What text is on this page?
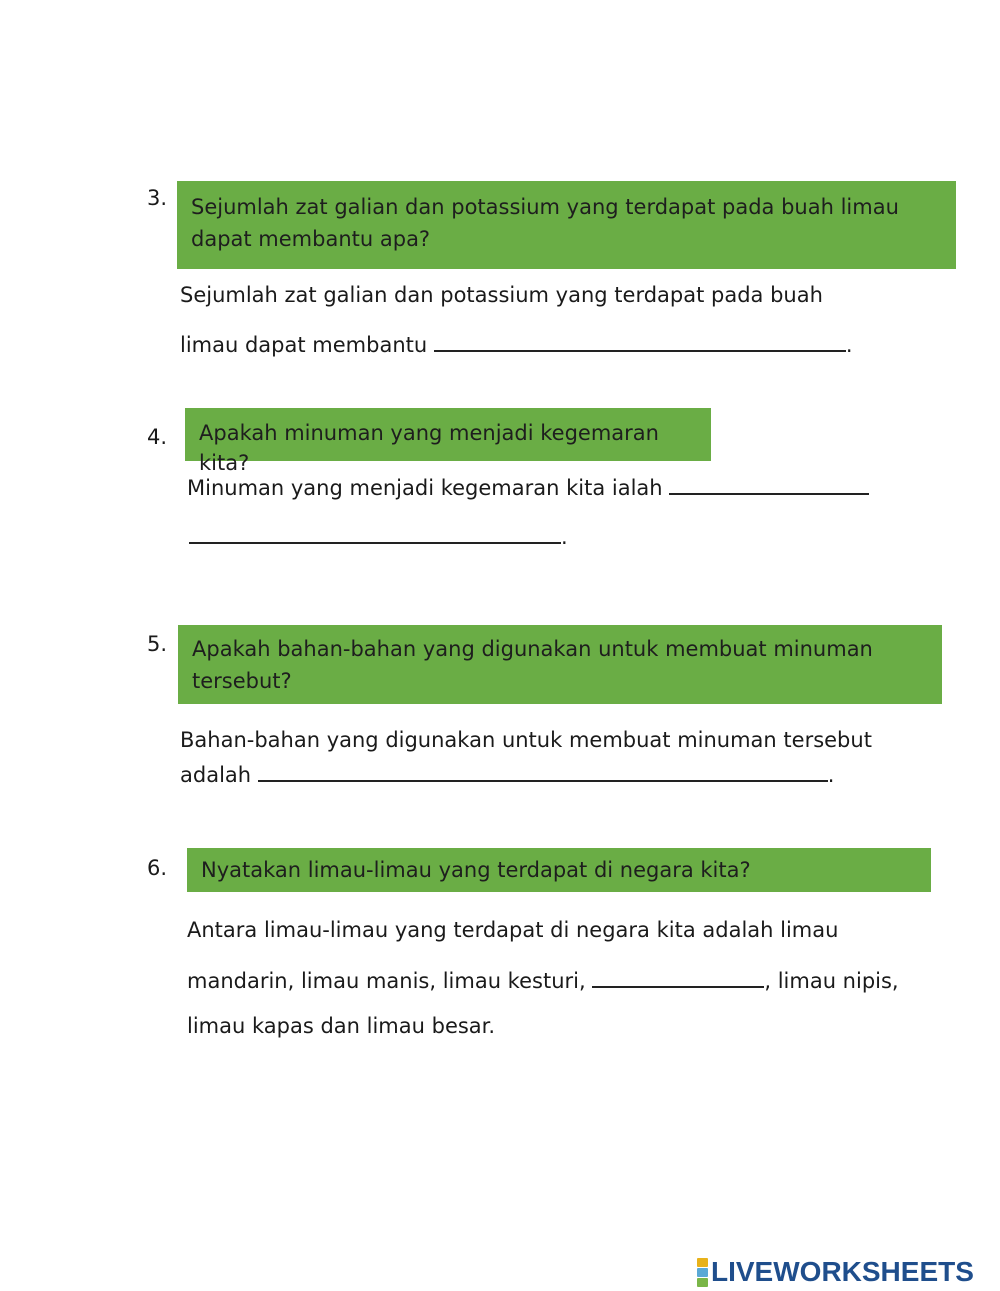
3.	Sejumlah zat galian dan potassium yang terdapat pada buah limau dapat membantu apa?
Sejumlah zat galian dan potassium yang terdapat pada buah
limau dapat membantu	.
4.	Apakah minuman yang menjadi kegemaran kita?
Minuman yang menjadi kegemaran kita ialah
.
5.	Apakah bahan-bahan yang digunakan untuk membuat minuman tersebut?
Bahan-bahan yang digunakan untuk membuat minuman tersebut
adalah	.
6.	Nyatakan limau-limau yang terdapat di negara kita?
Antara limau-limau yang terdapat di negara kita adalah limau
mandarin, limau manis, limau kesturi,	, limau nipis,
limau kapas dan limau besar.
LIVEWORKSHEETS
